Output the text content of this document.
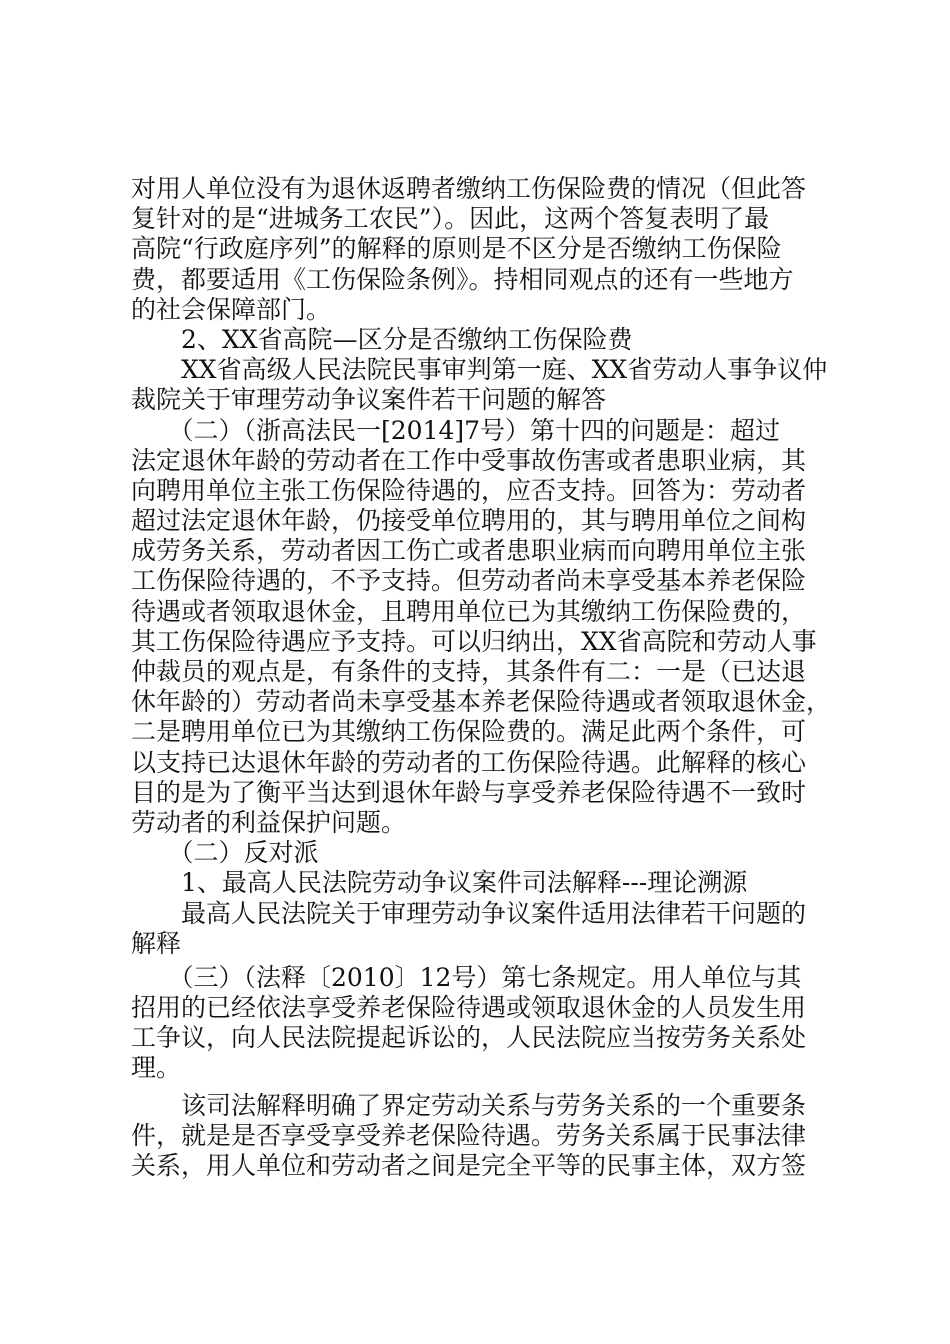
对用人单位没有为退休返聘者缴纳工伤保险费的情况（但此答
复针对的是“进城务工农民”）。因此，这两个答复表明了最
高院“行政庭序列”的解释的原则是不区分是否缴纳工伤保险
费，都要适用《工伤保险条例》。持相同观点的还有一些地方
的社会保障部门。
　　2、XX省高院—区分是否缴纳工伤保险费
　　XX省高级人民法院民事审判第一庭、XX省劳动人事争议仲
裁院关于审理劳动争议案件若干问题的解答
　　（二）（浙高法民一[2014]7号）第十四的问题是：超过
法定退休年龄的劳动者在工作中受事故伤害或者患职业病，其
向聘用单位主张工伤保险待遇的，应否支持。回答为：劳动者
超过法定退休年龄，仍接受单位聘用的，其与聘用单位之间构
成劳务关系，劳动者因工伤亡或者患职业病而向聘用单位主张
工伤保险待遇的，不予支持。但劳动者尚未享受基本养老保险
待遇或者领取退休金，且聘用单位已为其缴纳工伤保险费的，
其工伤保险待遇应予支持。可以归纳出，XX省高院和劳动人事
仲裁员的观点是，有条件的支持，其条件有二：一是（已达退
休年龄的）劳动者尚未享受基本养老保险待遇或者领取退休金，
二是聘用单位已为其缴纳工伤保险费的。满足此两个条件，可
以支持已达退休年龄的劳动者的工伤保险待遇。此解释的核心
目的是为了衡平当达到退休年龄与享受养老保险待遇不一致时
劳动者的利益保护问题。
　　（二）反对派
　　1、最高人民法院劳动争议案件司法解释---理论溯源
　　最高人民法院关于审理劳动争议案件适用法律若干问题的
解释
　　（三）（法释〔2010〕12号）第七条规定。用人单位与其
招用的已经依法享受养老保险待遇或领取退休金的人员发生用
工争议，向人民法院提起诉讼的，人民法院应当按劳务关系处
理。
　　该司法解释明确了界定劳动关系与劳务关系的一个重要条
件，就是是否享受享受养老保险待遇。劳务关系属于民事法律
关系，用人单位和劳动者之间是完全平等的民事主体，双方签
